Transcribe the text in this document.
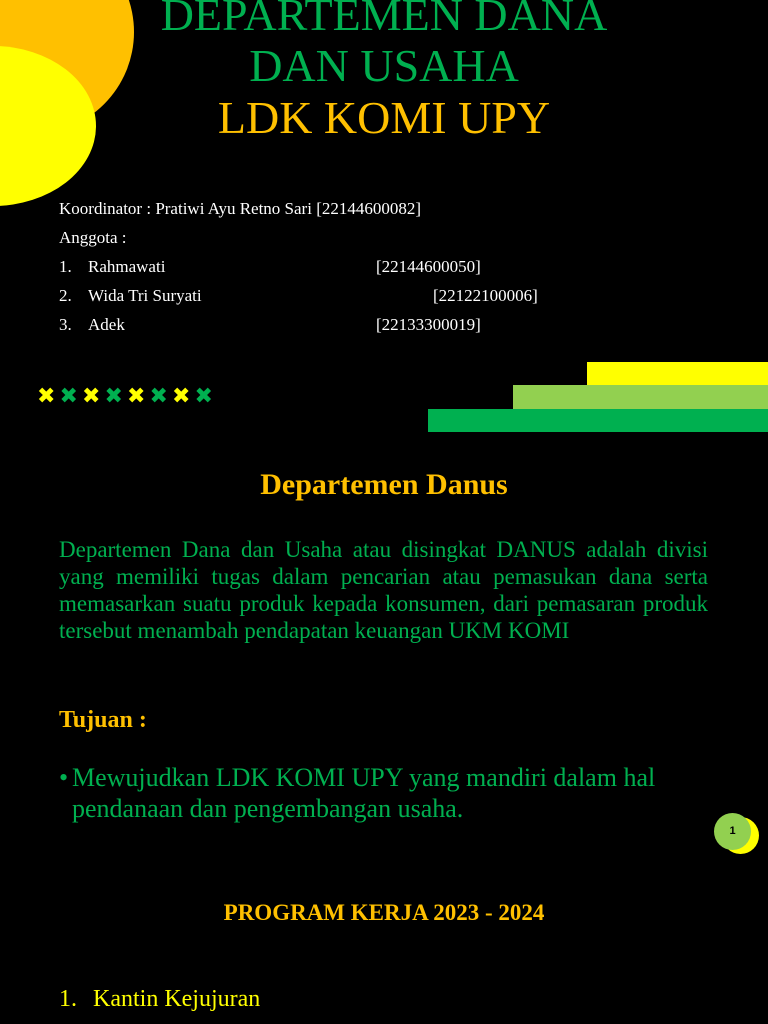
DEPARTEMEN DANA
DAN USAHA
LDK KOMI UPY
Koordinator : Pratiwi Ayu Retno Sari [22144600082]
Anggota :
1. Rahmawati	[22144600050]
2. Wida Tri Suryati	[22122100006]
3. Adek	[22133300019]
✖ ✖ ✖ ✖ ✖ ✖ ✖ ✖
Departemen Danus

Departemen Dana dan Usaha atau disingkat DANUS adalah divisi yang memiliki tugas dalam pencarian atau pemasukan dana serta memasarkan suatu produk kepada konsumen, dari pemasaran produk tersebut menambah pendapatan keuangan UKM KOMI

Tujuan :
• Mewujudkan LDK KOMI UPY yang mandiri dalam hal pendanaan dan pengembangan usaha.
1
PROGRAM KERJA 2023 - 2024
1. Kantin Kejujuran
